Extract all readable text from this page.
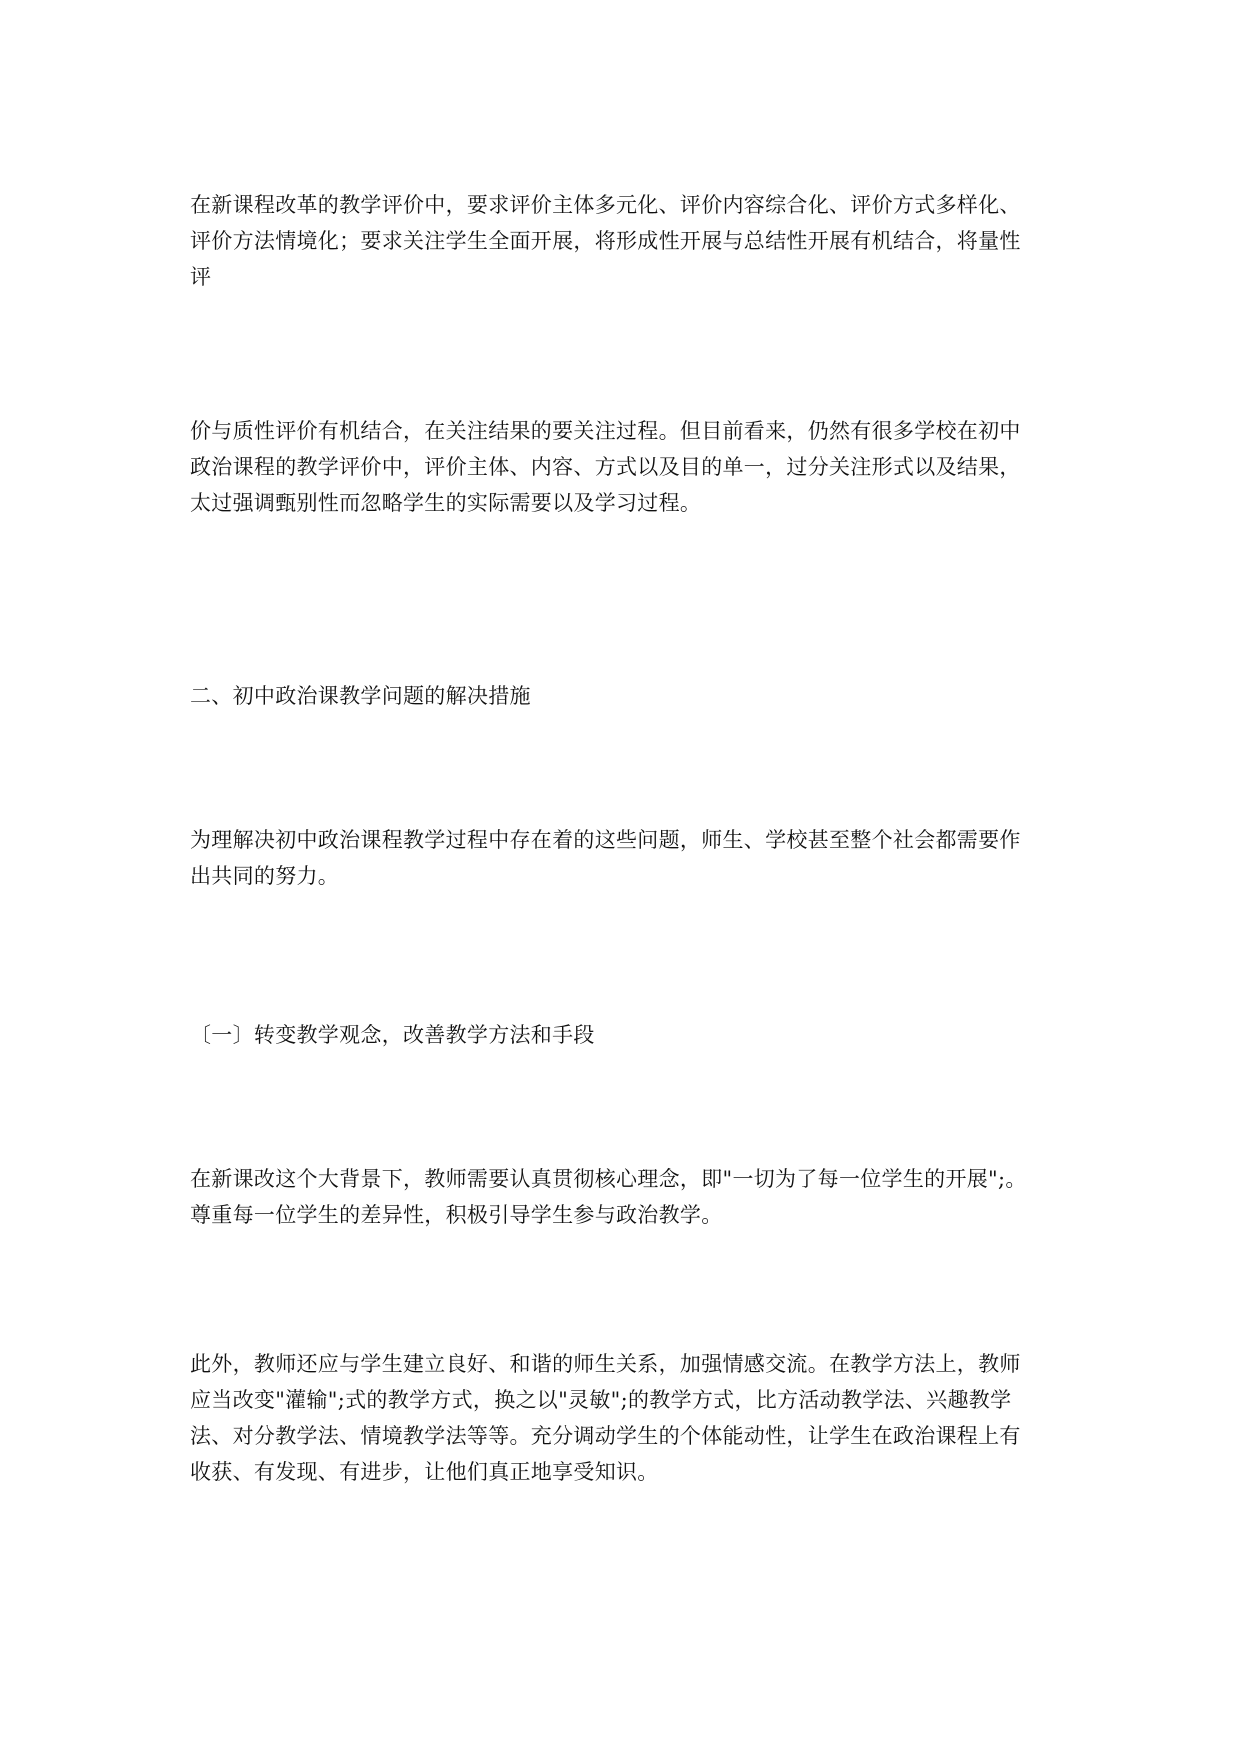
在新课程改革的教学评价中，要求评价主体多元化、评价内容综合化、评价方式多样化、
评价方法情境化；要求关注学生全面开展，将形成性开展与总结性开展有机结合，将量性
评

价与质性评价有机结合，在关注结果的要关注过程。但目前看来，仍然有很多学校在初中
政治课程的教学评价中，评价主体、内容、方式以及目的单一，过分关注形式以及结果，
太过强调甄别性而忽略学生的实际需要以及学习过程。

二、初中政治课教学问题的解决措施

为理解决初中政治课程教学过程中存在着的这些问题，师生、学校甚至整个社会都需要作
出共同的努力。

〔一〕转变教学观念，改善教学方法和手段

在新课改这个大背景下，教师需要认真贯彻核心理念，即"一切为了每一位学生的开展";。
尊重每一位学生的差异性，积极引导学生参与政治教学。

此外，教师还应与学生建立良好、和谐的师生关系，加强情感交流。在教学方法上，教师
应当改变"灌输";式的教学方式，换之以"灵敏";的教学方式，比方活动教学法、兴趣教学
法、对分教学法、情境教学法等等。充分调动学生的个体能动性，让学生在政治课程上有
收获、有发现、有进步，让他们真正地享受知识。
